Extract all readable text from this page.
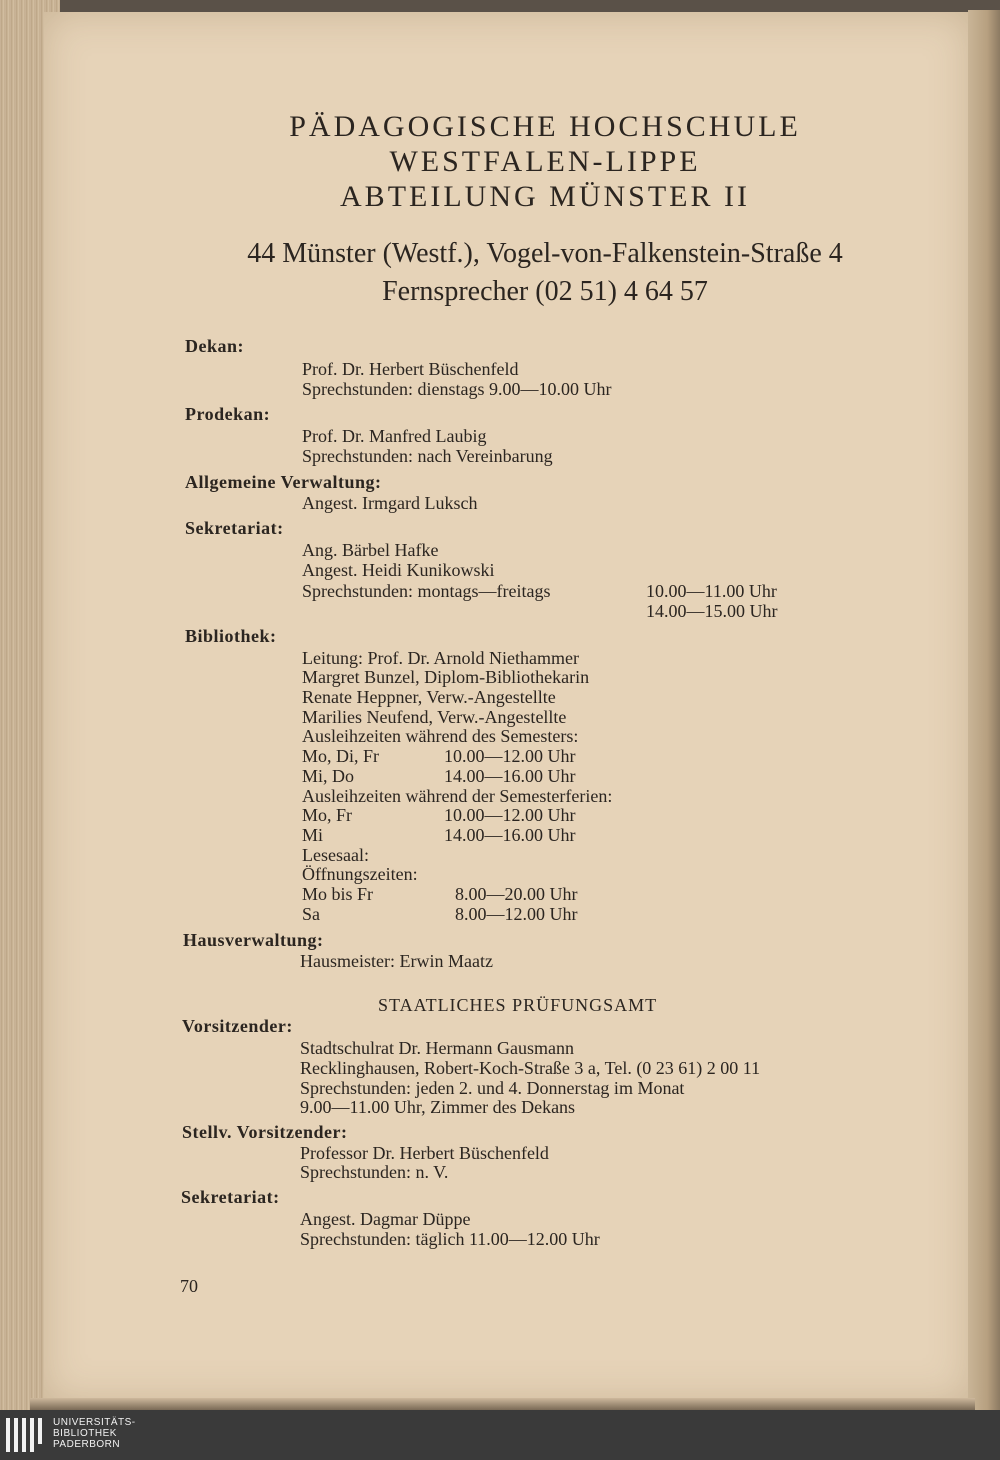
PÄDAGOGISCHE HOCHSCHULE
WESTFALEN-LIPPE
ABTEILUNG MÜNSTER II
44 Münster (Westf.), Vogel-von-Falkenstein-Straße 4
Fernsprecher (02 51) 4 64 57
Dekan:
Prof. Dr. Herbert Büschenfeld
Sprechstunden: dienstags 9.00—10.00 Uhr
Prodekan:
Prof. Dr. Manfred Laubig
Sprechstunden: nach Vereinbarung
Allgemeine Verwaltung:
Angest. Irmgard Luksch
Sekretariat:
Ang. Bärbel Hafke
Angest. Heidi Kunikowski
Sprechstunden: montags—freitags	10.00—11.00 Uhr
14.00—15.00 Uhr
Bibliothek:
Leitung: Prof. Dr. Arnold Niethammer
Margret Bunzel, Diplom-Bibliothekarin
Renate Heppner, Verw.-Angestellte
Marilies Neufend, Verw.-Angestellte
Ausleihzeiten während des Semesters:
Mo, Di, Fr	10.00—12.00 Uhr
Mi, Do	14.00—16.00 Uhr
Ausleihzeiten während der Semesterferien:
Mo, Fr	10.00—12.00 Uhr
Mi	14.00—16.00 Uhr
Lesesaal:
Öffnungszeiten:
Mo bis Fr	8.00—20.00 Uhr
Sa	8.00—12.00 Uhr
Hausverwaltung:
Hausmeister: Erwin Maatz
STAATLICHES PRÜFUNGSAMT
Vorsitzender:
Stadtschulrat Dr. Hermann Gausmann
Recklinghausen, Robert-Koch-Straße 3 a, Tel. (0 23 61) 2 00 11
Sprechstunden: jeden 2. und 4. Donnerstag im Monat
9.00—11.00 Uhr, Zimmer des Dekans
Stellv. Vorsitzender:
Professor Dr. Herbert Büschenfeld
Sprechstunden: n. V.
Sekretariat:
Angest. Dagmar Düppe
Sprechstunden: täglich 11.00—12.00 Uhr
70
UNIVERSITÄTS-
BIBLIOTHEK
PADERBORN
